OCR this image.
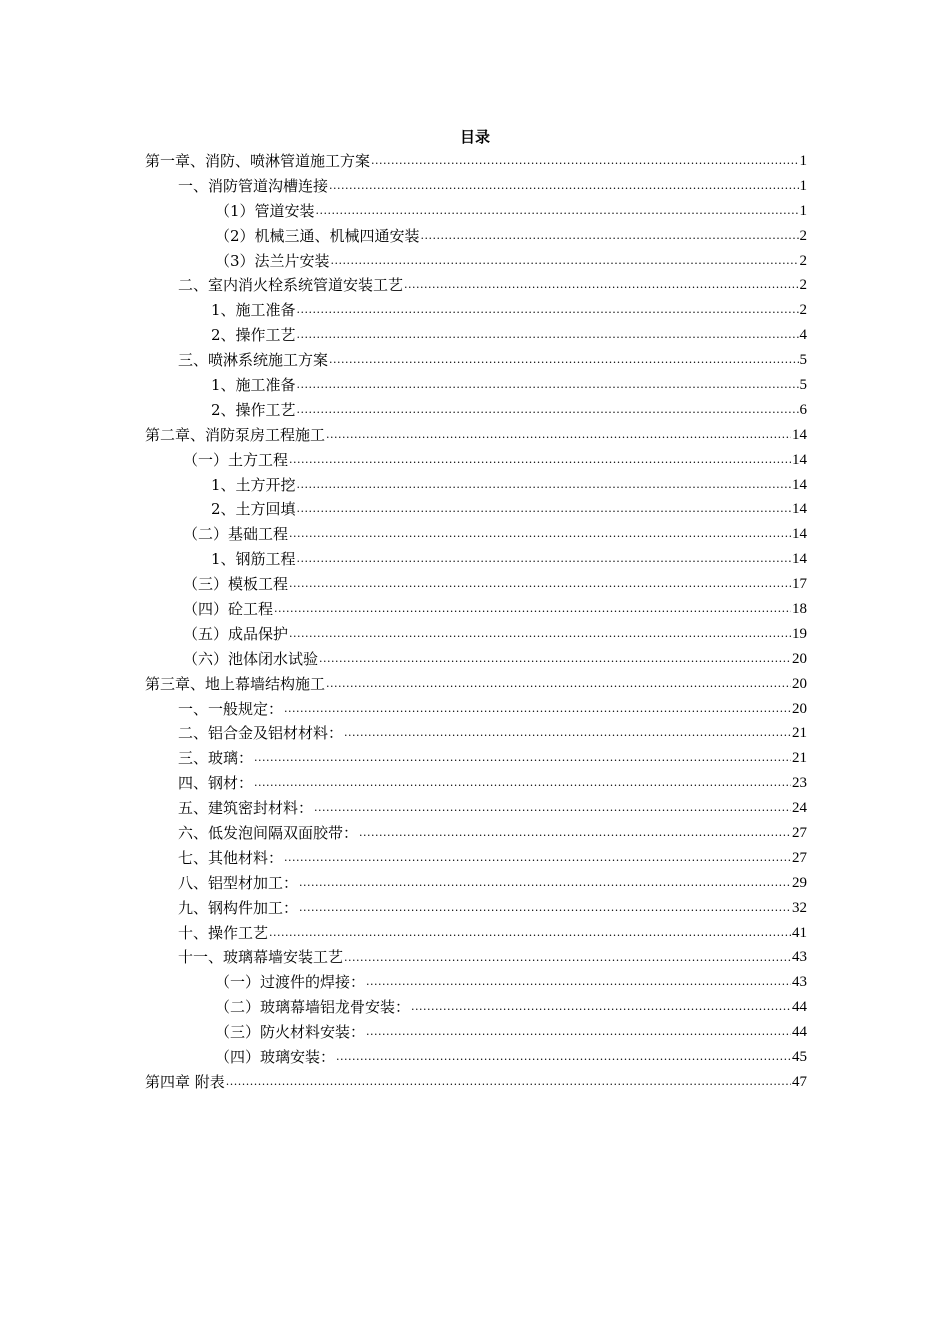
目录
第一章、消防、喷淋管道施工方案 .....	1
一、消防管道沟槽连接 .....	1
（1）管道安装 .....	1
（2）机械三通、机械四通安装 .....	2
（3）法兰片安装 .....	2
二、室内消火栓系统管道安装工艺 .....	2
1、施工准备 .....	2
2、操作工艺 .....	4
三、喷淋系统施工方案 .....	5
1、施工准备 .....	5
2、操作工艺 .....	6
第二章、消防泵房工程施工 .....	14
（一）土方工程 .....	14
1、土方开挖 .....	14
2、土方回填 .....	14
（二）基础工程 .....	14
1、钢筋工程 .....	14
（三）模板工程 .....	17
（四）砼工程 .....	18
（五）成品保护 .....	19
（六）池体闭水试验 .....	20
第三章、地上幕墙结构施工 .....	20
一、一般规定： .....	20
二、铝合金及铝材材料： .....	21
三、玻璃： .....	21
四、钢材： .....	23
五、建筑密封材料： .....	24
六、低发泡间隔双面胶带： .....	27
七、其他材料： .....	27
八、铝型材加工： .....	29
九、钢构件加工： .....	32
十、操作工艺 .....	41
十一、玻璃幕墙安装工艺 .....	43
（一）过渡件的焊接： .....	43
（二）玻璃幕墙铝龙骨安装： .....	44
（三）防火材料安装： .....	44
（四）玻璃安装： .....	45
第四章 附表 .....	47
